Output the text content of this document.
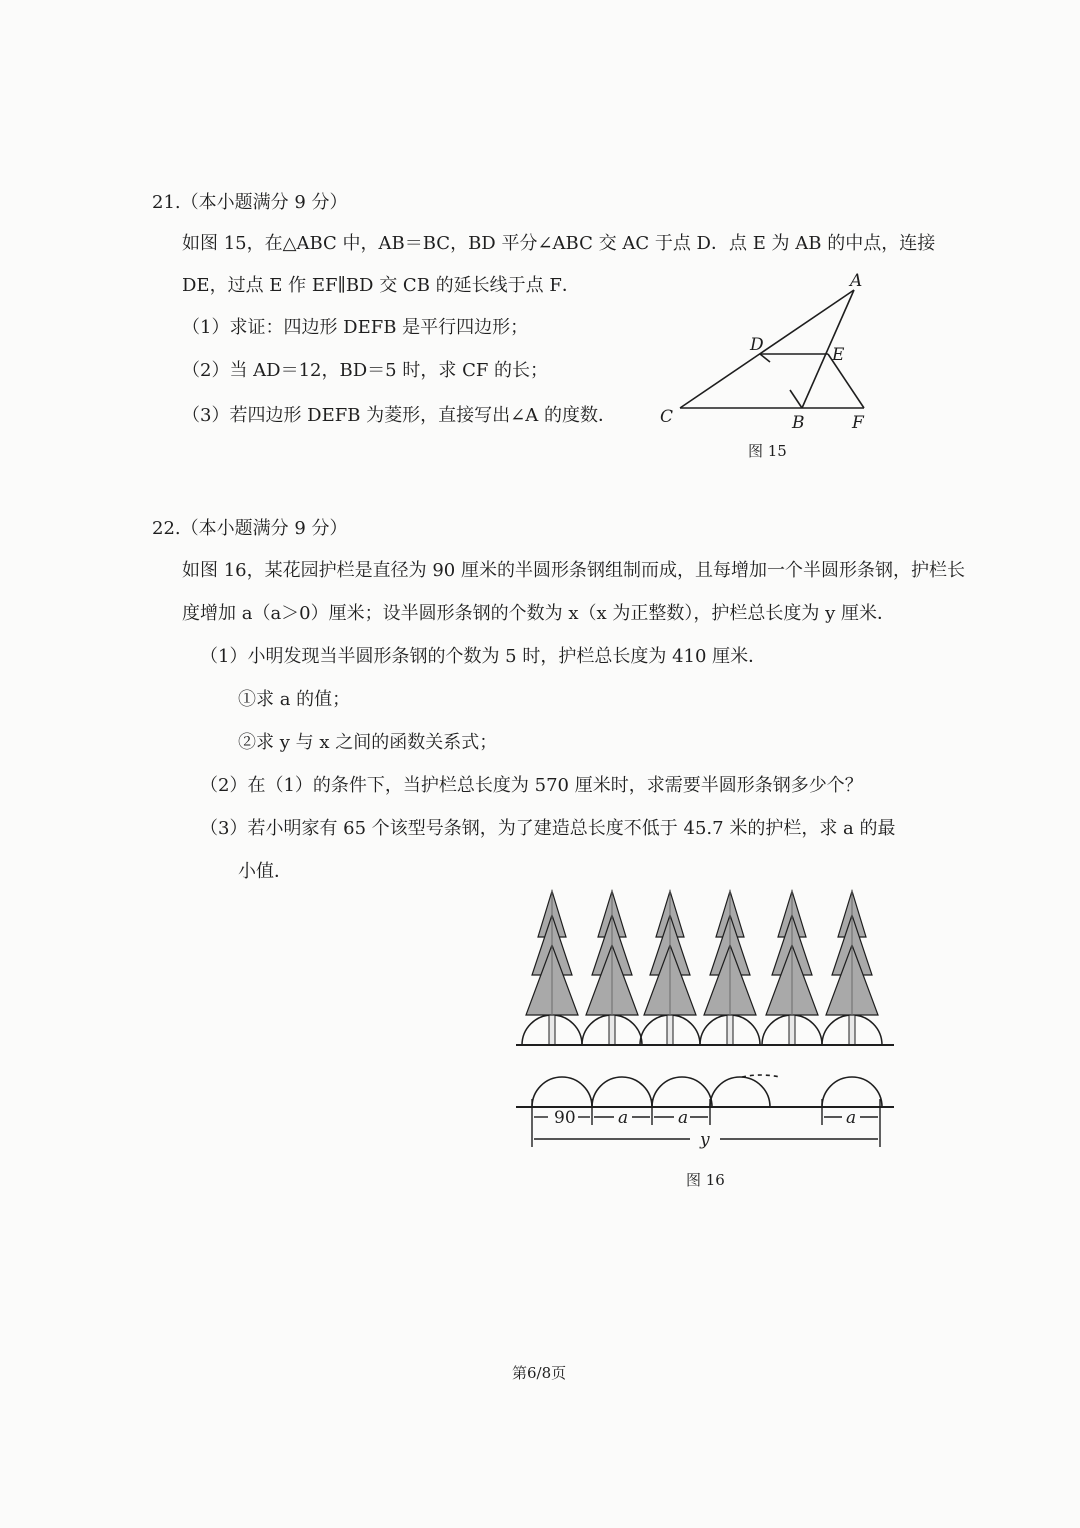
21.（本小题满分 9 分）
如图 15，在△ABC 中，AB＝BC，BD 平分∠ABC 交 AC 于点 D．点 E 为 AB 的中点，连接
DE，过点 E 作 EF∥BD 交 CB 的延长线于点 F．
（1）求证：四边形 DEFB 是平行四边形；
（2）当 AD＝12，BD＝5 时，求 CF 的长；
（3）若四边形 DEFB 为菱形，直接写出∠A 的度数．
A
D	E
C	B	F
图 15
22.（本小题满分 9 分）
如图 16，某花园护栏是直径为 90 厘米的半圆形条钢组制而成，且每增加一个半圆形条钢，护栏长
度增加 a（a＞0）厘米；设半圆形条钢的个数为 x（x 为正整数），护栏总长度为 y 厘米．
（1）小明发现当半圆形条钢的个数为 5 时，护栏总长度为 410 厘米．
①求 a 的值；
②求 y 与 x 之间的函数关系式；
（2）在（1）的条件下，当护栏总长度为 570 厘米时，求需要半圆形条钢多少个？
（3）若小明家有 65 个该型号条钢，为了建造总长度不低于 45.7 米的护栏，求 a 的最
小值．
90 a	a	a
y
图 16
第6/8页
